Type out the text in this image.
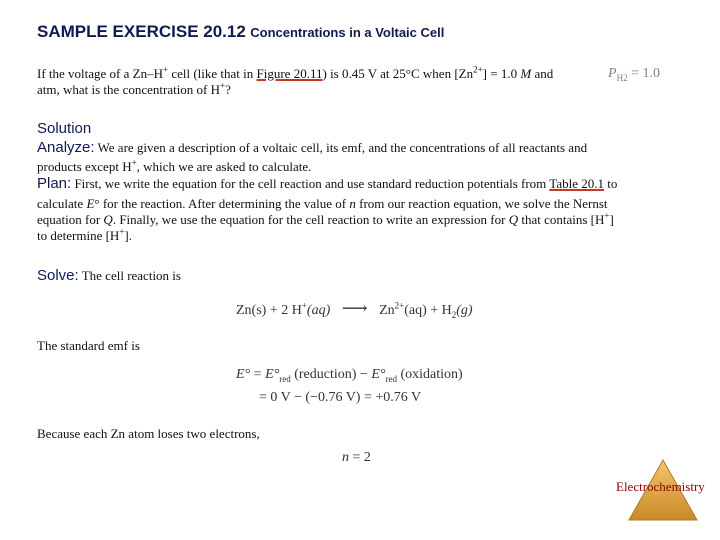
SAMPLE EXERCISE 20.12 Concentrations in a Voltaic Cell
If the voltage of a Zn–H+ cell (like that in Figure 20.11) is 0.45 V at 25°C when $[Zn^{2+}] = 1.0$ M and
atm, what is the concentration of H+?
$P_{H2} = 1.0$
Solution
Analyze: We are given a description of a voltaic cell, its emf, and the concentrations of all reactants and
products except H+, which we are asked to calculate.
Plan: First, we write the equation for the cell reaction and use standard reduction potentials from Table 20.1 to
calculate E° for the reaction. After determining the value of n from our reaction equation, we solve the Nernst
equation for Q. Finally, we use the equation for the cell reaction to write an expression for Q that contains [H+]
to determine [H+].
Solve: The cell reaction is
Zn(s) + 2 H+(aq) ⟶ $Zn^{2+}(aq) + H_2(g)$
The standard emf is
$E^\circ = E^\circ_{red}$ (reduction) − $E^\circ_{red}$ (oxidation)
= 0 V − (−0.76 V) = +0.76 V
Because each Zn atom loses two electrons,
n = 2
Electrochemistry
